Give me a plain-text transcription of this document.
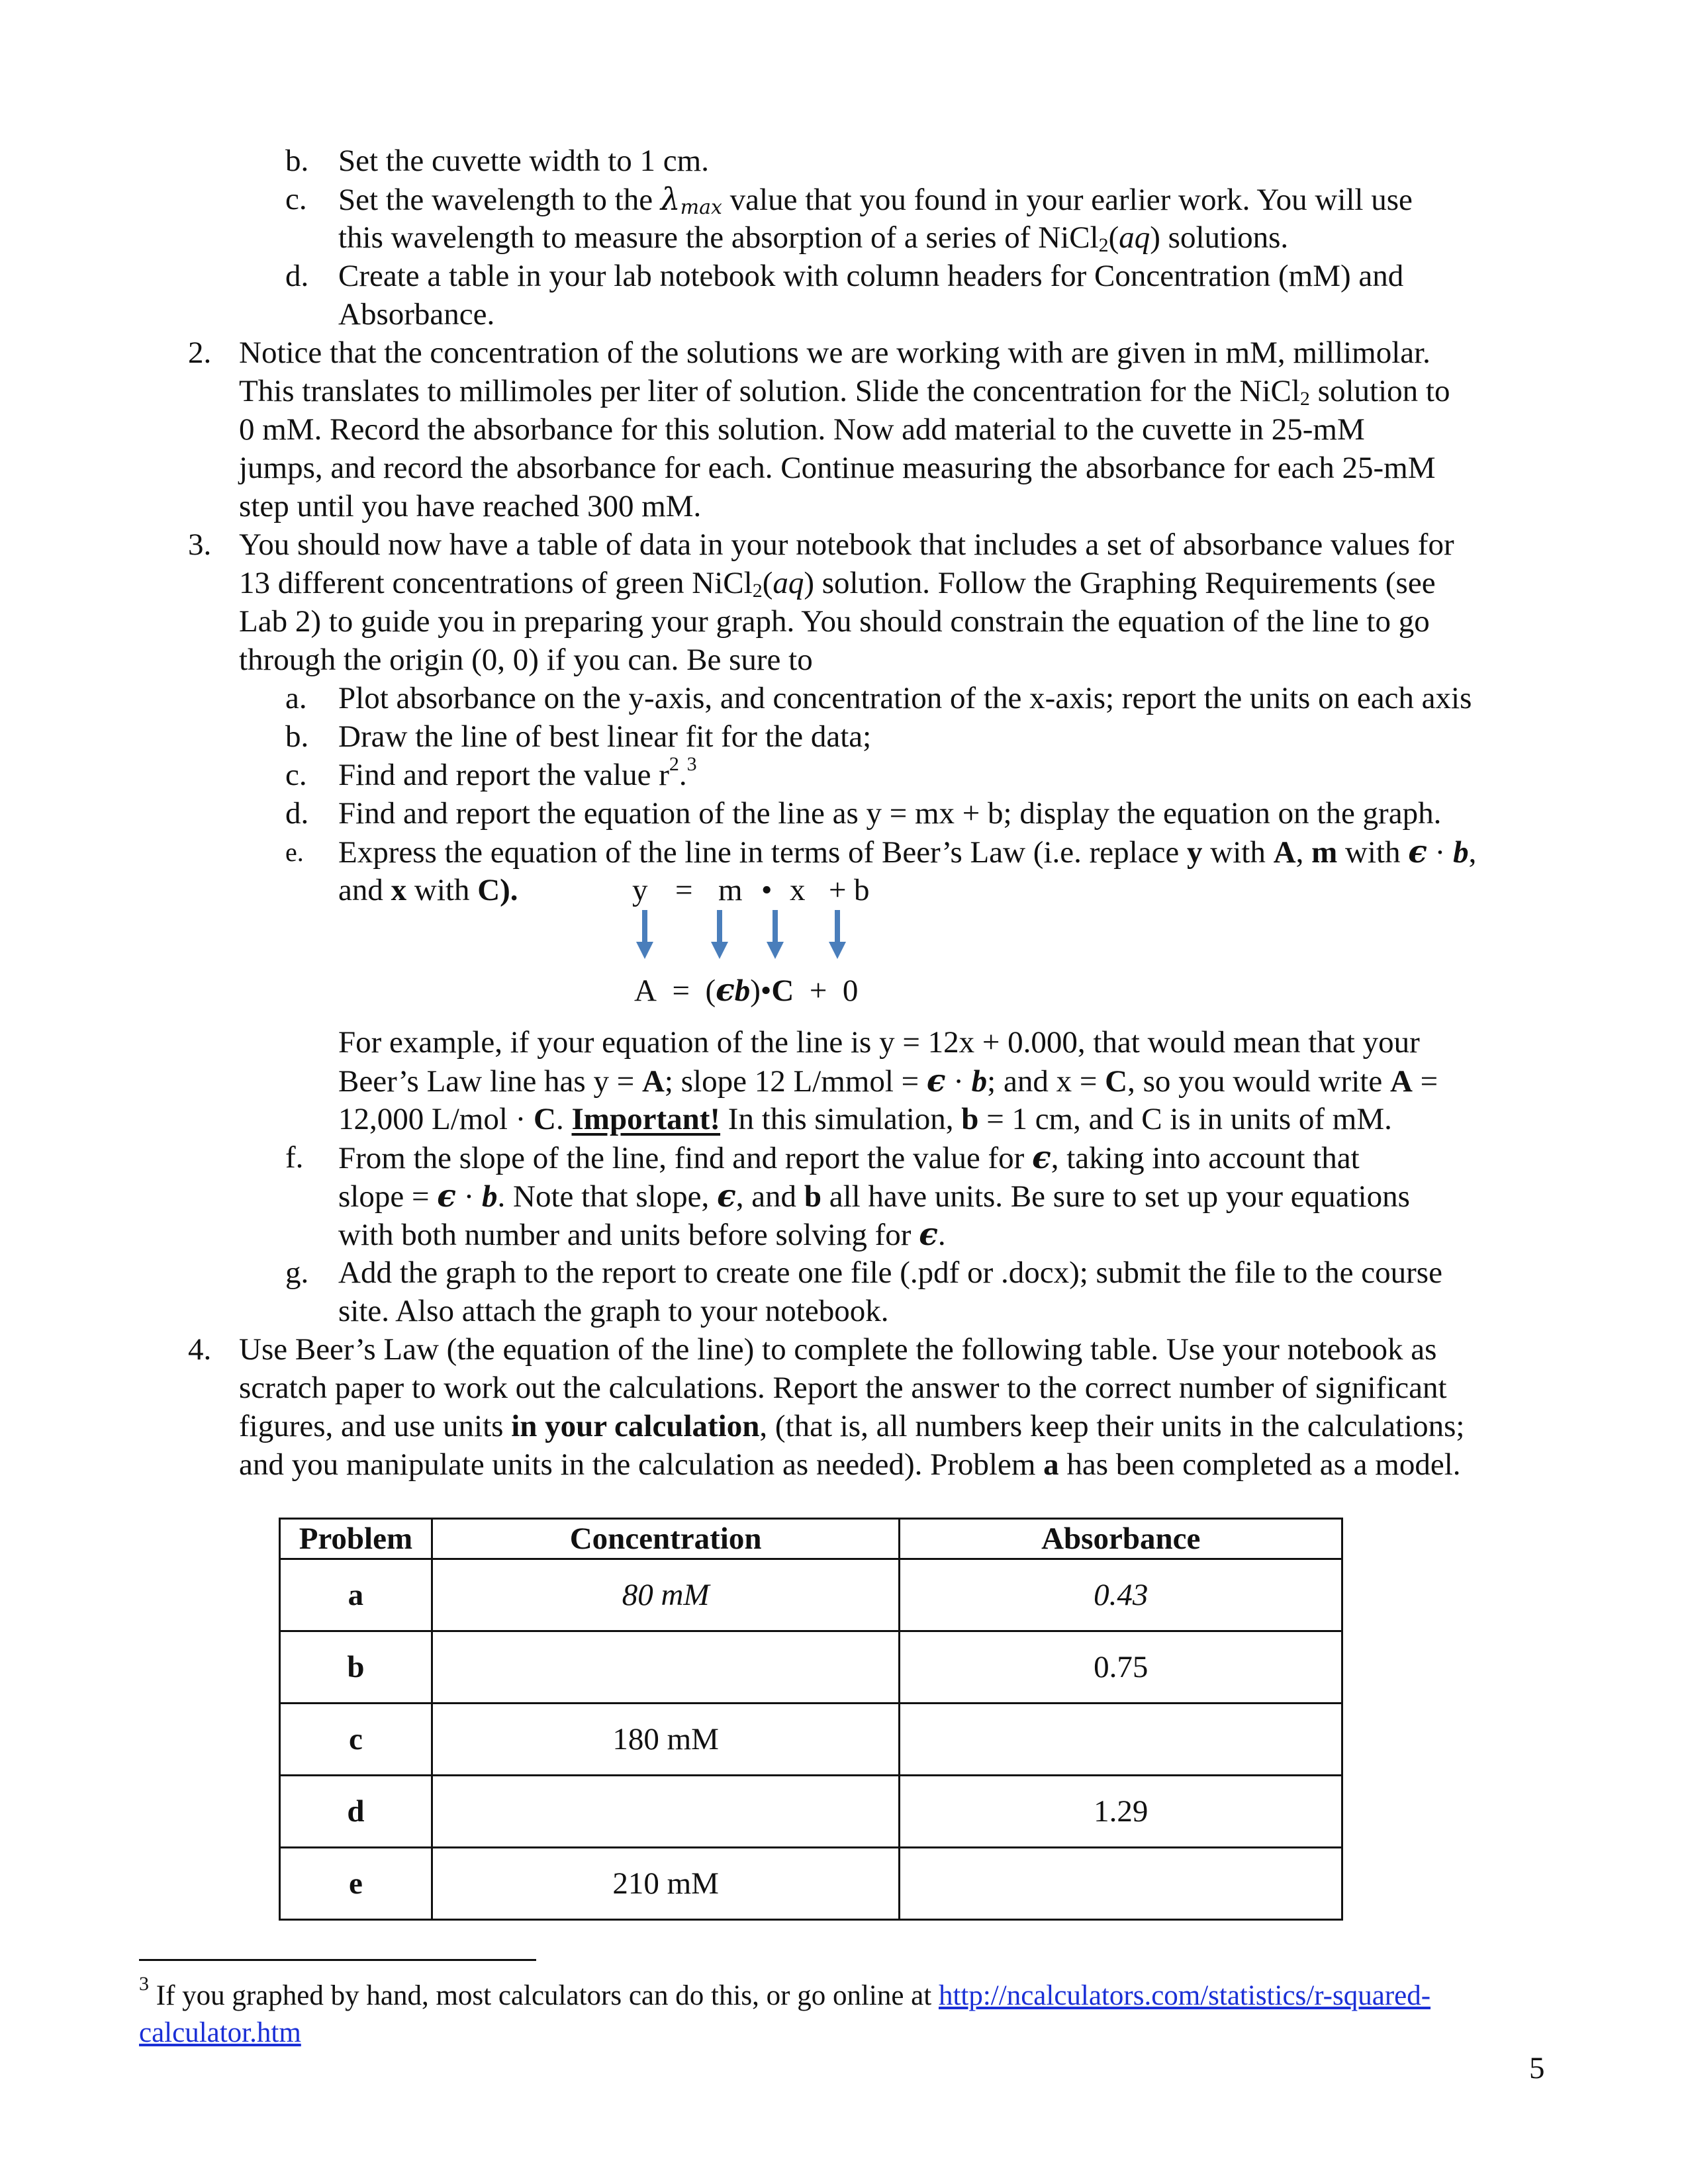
b. Set the cuvette width to 1 cm.
c. Set the wavelength to the $\lambda_{max}$ value that you found in your earlier work. You will use
this wavelength to measure the absorption of a series of NiCl$_2$(aq) solutions.
d. Create a table in your lab notebook with column headers for Concentration (mM) and
Absorbance.
2. Notice that the concentration of the solutions we are working with are given in mM, millimolar.
This translates to millimoles per liter of solution. Slide the concentration for the NiCl$_2$ solution to
0 mM. Record the absorbance for this solution. Now add material to the cuvette in 25-mM
jumps, and record the absorbance for each. Continue measuring the absorbance for each 25-mM
step until you have reached 300 mM.
3. You should now have a table of data in your notebook that includes a set of absorbance values for
13 different concentrations of green NiCl$_2$(aq) solution. Follow the Graphing Requirements (see
Lab 2) to guide you in preparing your graph. You should constrain the equation of the line to go
through the origin (0, 0) if you can. Be sure to
a. Plot absorbance on the y-axis, and concentration of the x-axis; report the units on each axis
b. Draw the line of best linear fit for the data;
c. Find and report the value $r^2.^3$
d. Find and report the equation of the line as y = mx + b; display the equation on the graph.
e. Express the equation of the line in terms of Beer’s Law (i.e. replace y with A, m with ϵ · b,
and x with C).	y = m • x + b
A = (ϵb)•C + 0
For example, if your equation of the line is y = 12x + 0.000, that would mean that your
Beer’s Law line has y = A; slope 12 L/mmol = ϵ · b; and x = C, so you would write A =
12,000 L/mol · C. Important! In this simulation, b = 1 cm, and C is in units of mM.
f. From the slope of the line, find and report the value for ϵ, taking into account that
slope = ϵ · b. Note that slope, ϵ, and b all have units. Be sure to set up your equations
with both number and units before solving for ϵ.
g. Add the graph to the report to create one file (.pdf or .docx); submit the file to the course
site. Also attach the graph to your notebook.
4. Use Beer’s Law (the equation of the line) to complete the following table. Use your notebook as
scratch paper to work out the calculations. Report the answer to the correct number of significant
figures, and use units in your calculation, (that is, all numbers keep their units in the calculations;
and you manipulate units in the calculation as needed). Problem a has been completed as a model.
Problem	Concentration	Absorbance
a	80 mM	0.43
b		0.75
c	180 mM	
d		1.29
e	210 mM	
$^3$ If you graphed by hand, most calculators can do this, or go online at http://ncalculators.com/statistics/r-squared-
calculator.htm
5
